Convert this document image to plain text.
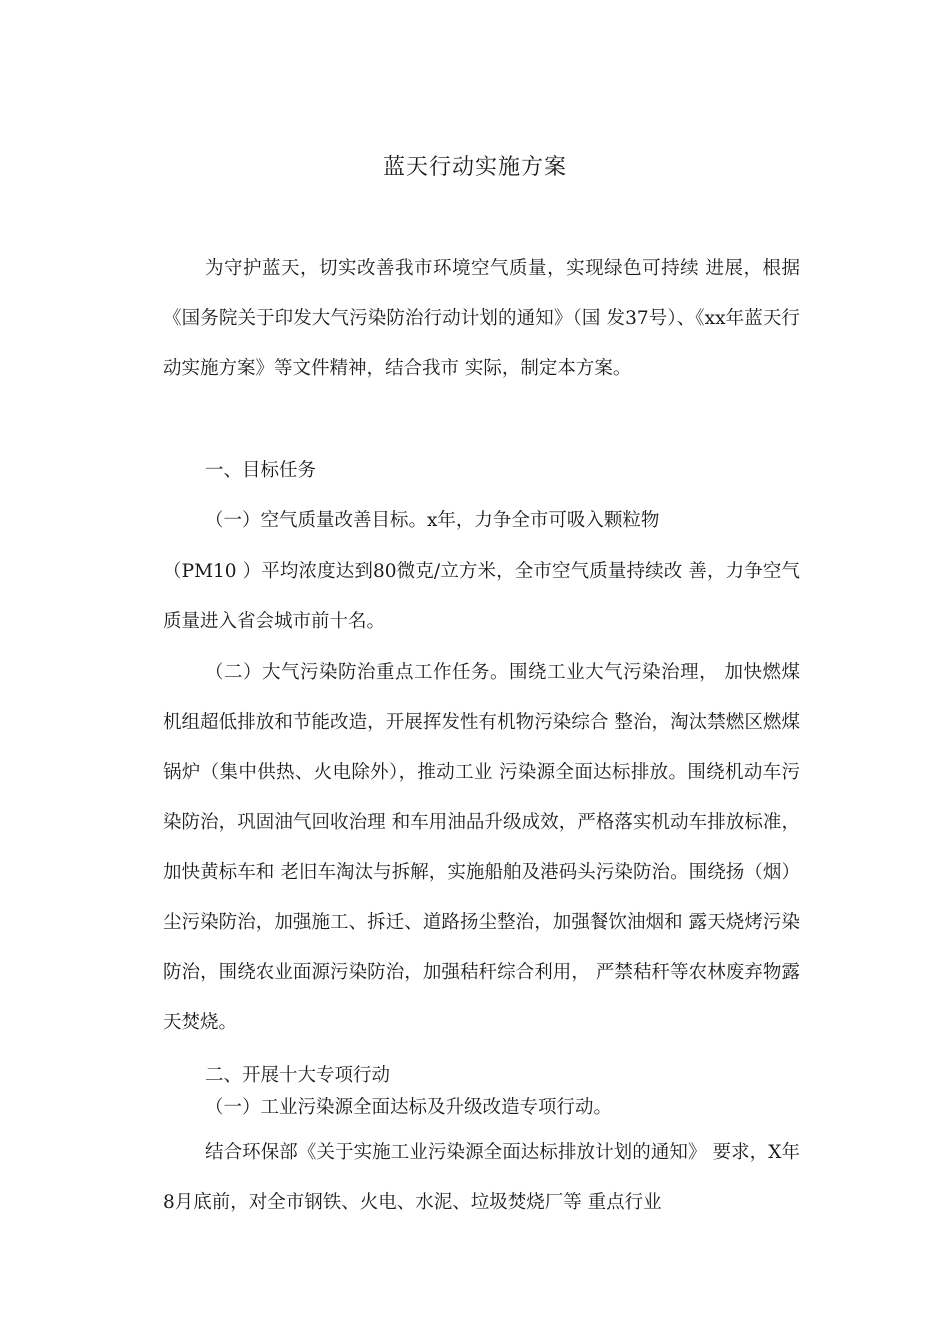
蓝天行动实施方案

为守护蓝天，切实改善我市环境空气质量，实现绿色可持续 进展，根据《国务院关于印发大气污染防治行动计划的通知》（国 发37号）、《xx年蓝天行动实施方案》等文件精神，结合我市 实际，制定本方案。

一、目标任务

（一）空气质量改善目标。x年，力争全市可吸入颗粒物

（PM10 ）平均浓度达到80微克/立方米，全市空气质量持续改 善，力争空气质量进入省会城市前十名。

（二）大气污染防治重点工作任务。围绕工业大气污染治理， 加快燃煤机组超低排放和节能改造，开展挥发性有机物污染综合 整治，淘汰禁燃区燃煤锅炉（集中供热、火电除外），推动工业 污染源全面达标排放。围绕机动车污染防治，巩固油气回收治理 和车用油品升级成效，严格落实机动车排放标准，加快黄标车和 老旧车淘汰与拆解，实施船舶及港码头污染防治。围绕扬（烟） 尘污染防治，加强施工、拆迁、道路扬尘整治，加强餐饮油烟和 露天烧烤污染防治，围绕农业面源污染防治，加强秸秆综合利用， 严禁秸秆等农林废弃物露天焚烧。

二、开展十大专项行动

（一）工业污染源全面达标及升级改造专项行动。

结合环保部《关于实施工业污染源全面达标排放计划的通知》 要求，X年8月底前，对全市钢铁、火电、水泥、垃圾焚烧厂等 重点行业
